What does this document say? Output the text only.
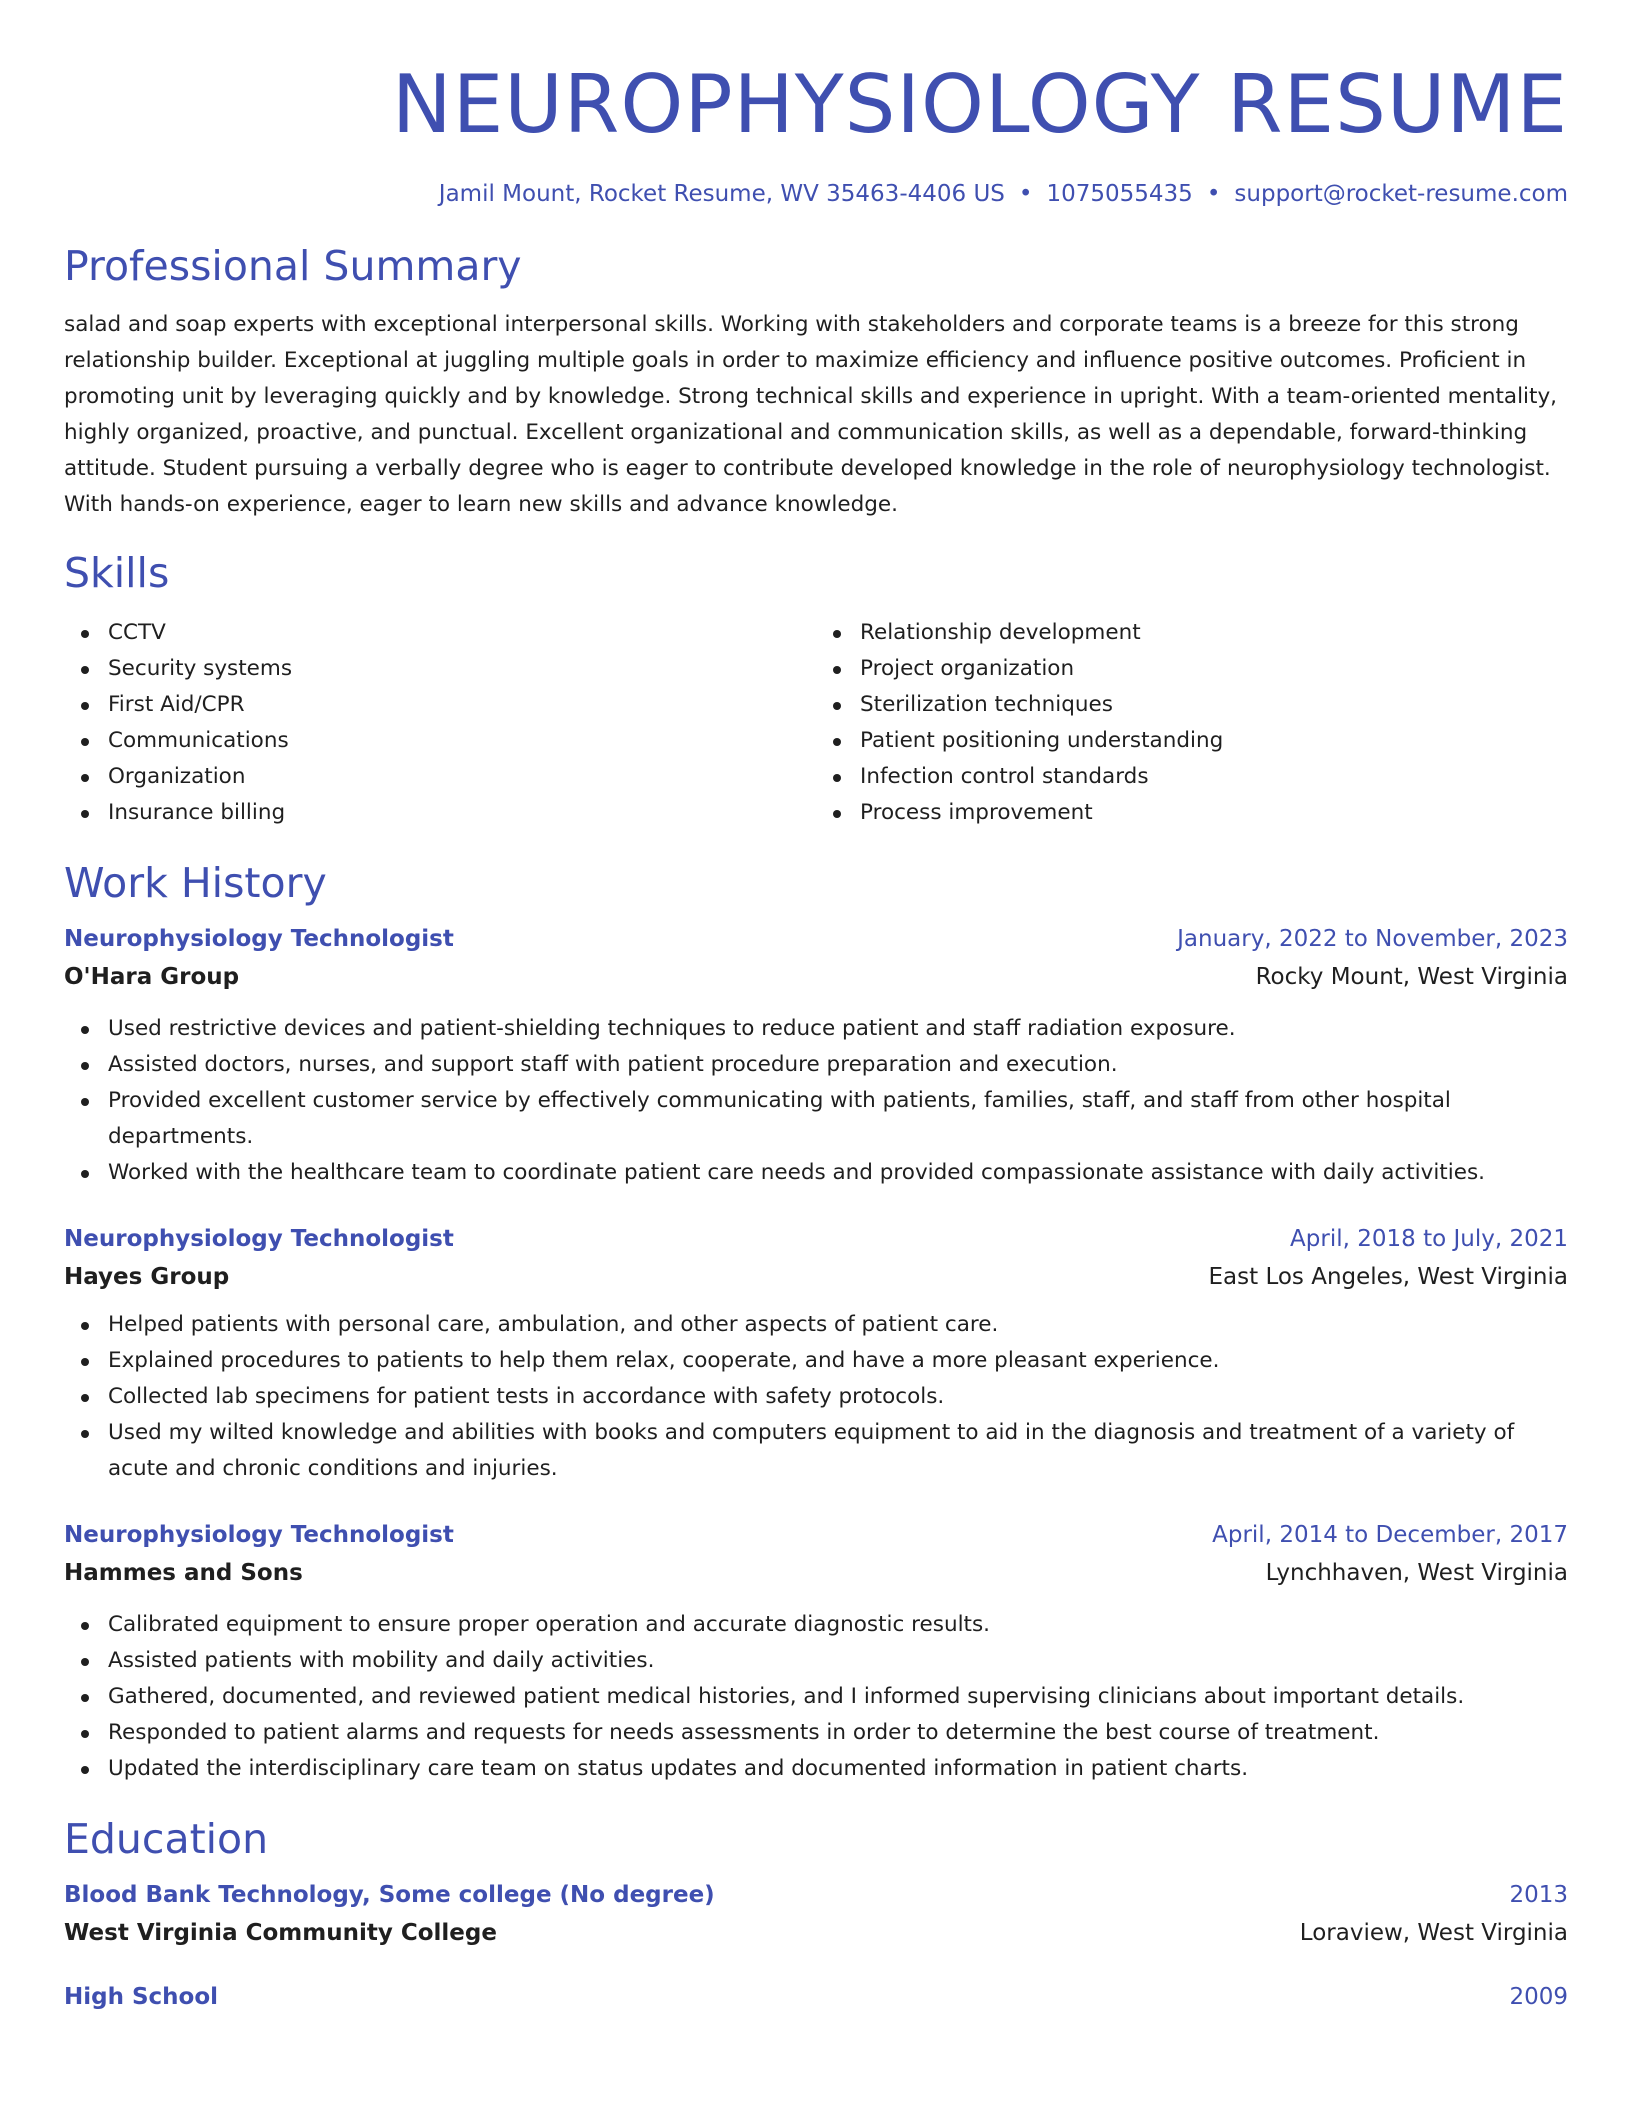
NEUROPHYSIOLOGY RESUME
Jamil Mount, Rocket Resume, WV 35463-4406 US • 1075055435 • support@rocket-resume.com
Professional Summary

salad and soap experts with exceptional interpersonal skills. Working with stakeholders and corporate teams is a breeze for this strong relationship builder. Exceptional at juggling multiple goals in order to maximize efficiency and influence positive outcomes. Proficient in promoting unit by leveraging quickly and by knowledge. Strong technical skills and experience in upright. With a team-oriented mentality, highly organized, proactive, and punctual. Excellent organizational and communication skills, as well as a dependable, forward-thinking attitude. Student pursuing a verbally degree who is eager to contribute developed knowledge in the role of neurophysiology technologist. With hands-on experience, eager to learn new skills and advance knowledge.

Skills
CCTV
Security systems
First Aid/CPR
Communications
Organization
Insurance billing
Relationship development
Project organization
Sterilization techniques
Patient positioning understanding
Infection control standards
Process improvement
Work History
Neurophysiology Technologist	January, 2022 to November, 2023
O'Hara Group	Rocky Mount, West Virginia
Used restrictive devices and patient-shielding techniques to reduce patient and staff radiation exposure.
Assisted doctors, nurses, and support staff with patient procedure preparation and execution.
Provided excellent customer service by effectively communicating with patients, families, staff, and staff from other hospital departments.
Worked with the healthcare team to coordinate patient care needs and provided compassionate assistance with daily activities.
Neurophysiology Technologist	April, 2018 to July, 2021
Hayes Group	East Los Angeles, West Virginia
Helped patients with personal care, ambulation, and other aspects of patient care.
Explained procedures to patients to help them relax, cooperate, and have a more pleasant experience.
Collected lab specimens for patient tests in accordance with safety protocols.
Used my wilted knowledge and abilities with books and computers equipment to aid in the diagnosis and treatment of a variety of acute and chronic conditions and injuries.
Neurophysiology Technologist	April, 2014 to December, 2017
Hammes and Sons	Lynchhaven, West Virginia
Calibrated equipment to ensure proper operation and accurate diagnostic results.
Assisted patients with mobility and daily activities.
Gathered, documented, and reviewed patient medical histories, and I informed supervising clinicians about important details.
Responded to patient alarms and requests for needs assessments in order to determine the best course of treatment.
Updated the interdisciplinary care team on status updates and documented information in patient charts.
Education
Blood Bank Technology, Some college (No degree)	2013
West Virginia Community College	Loraview, West Virginia
High School	2009
